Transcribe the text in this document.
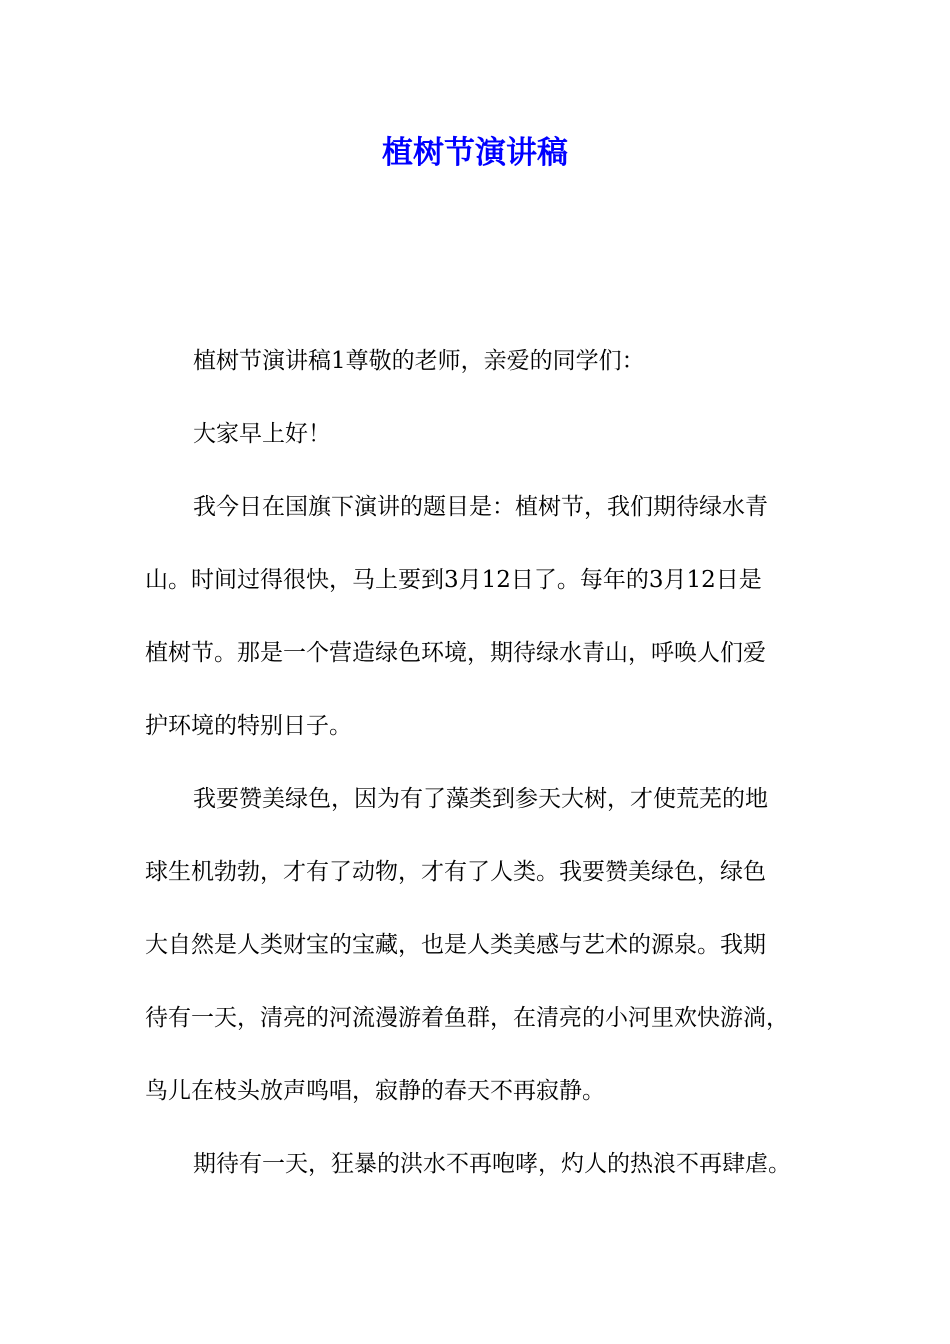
植树节演讲稿
植树节演讲稿1尊敬的老师，亲爱的同学们：
大家早上好！
我今日在国旗下演讲的题目是：植树节，我们期待绿水青
山。时间过得很快，马上要到3月12日了。每年的3月12日是
植树节。那是一个营造绿色环境，期待绿水青山，呼唤人们爱
护环境的特别日子。
我要赞美绿色，因为有了藻类到参天大树，才使荒芜的地
球生机勃勃，才有了动物，才有了人类。我要赞美绿色，绿色
大自然是人类财宝的宝藏，也是人类美感与艺术的源泉。我期
待有一天，清亮的河流漫游着鱼群，在清亮的小河里欢快游淌，
鸟儿在枝头放声鸣唱，寂静的春天不再寂静。
期待有一天，狂暴的洪水不再咆哮，灼人的热浪不再肆虐。
